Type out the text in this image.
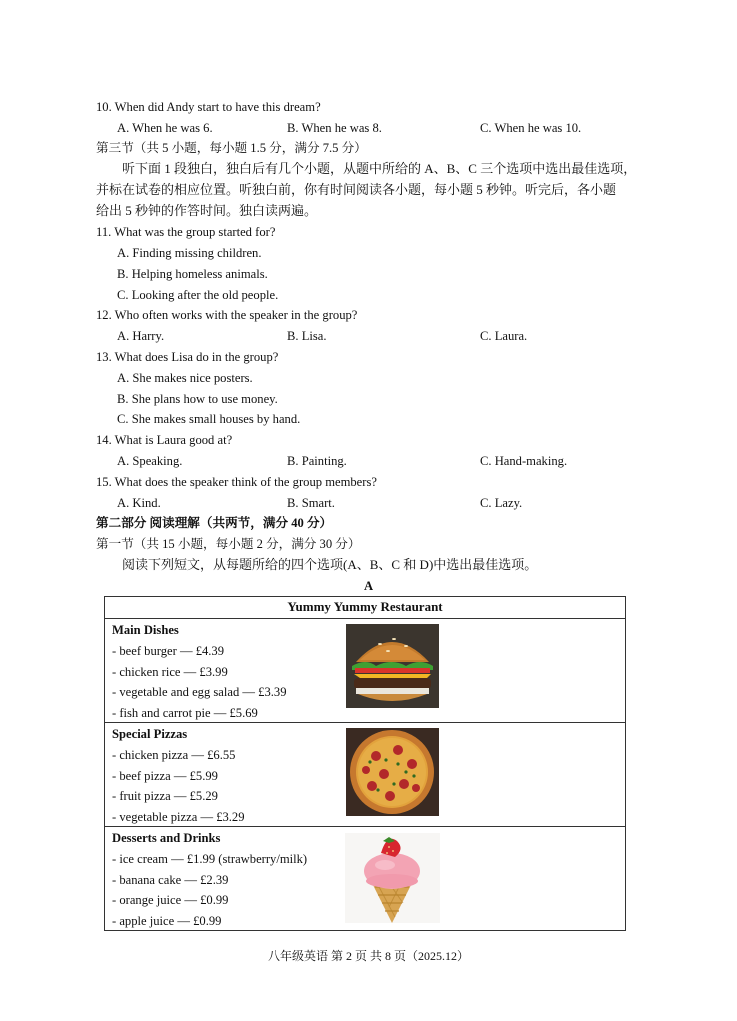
10. When did Andy start to have this dream?
A. When he was 6.	B. When he was 8.	C. When he was 10.
第三节（共 5 小题，每小题 1.5 分，满分 7.5 分）
听下面 1 段独白，独白后有几个小题，从题中所给的 A、B、C 三个选项中选出最佳选项，
并标在试卷的相应位置。听独白前，你有时间阅读各小题，每小题 5 秒钟。听完后，各小题
给出 5 秒钟的作答时间。独白读两遍。
11. What was the group started for?
A. Finding missing children.
B. Helping homeless animals.
C. Looking after the old people.
12. Who often works with the speaker in the group?
A. Harry.	B. Lisa.	C. Laura.
13. What does Lisa do in the group?
A. She makes nice posters.
B. She plans how to use money.
C. She makes small houses by hand.
14. What is Laura good at?
A. Speaking.	B. Painting.	C. Hand-making.
15. What does the speaker think of the group members?
A. Kind.	B. Smart.	C. Lazy.
第二部分 阅读理解（共两节，满分 40 分）
第一节（共 15 小题，每小题 2 分，满分 30 分）
阅读下列短文，从每题所给的四个选项(A、B、C 和 D)中选出最佳选项。
A
Yummy Yummy Restaurant
Main Dishes
- beef burger — £4.39
- chicken rice — £3.99
- vegetable and egg salad — £3.39
- fish and carrot pie — £5.69
Special Pizzas
- chicken pizza — £6.55
- beef pizza — £5.99
- fruit pizza — £5.29
- vegetable pizza — £3.29
Desserts and Drinks
- ice cream — £1.99 (strawberry/milk)
- banana cake — £2.39
- orange juice — £0.99
- apple juice — £0.99
八年级英语 第 2 页 共 8 页（2025.12）
